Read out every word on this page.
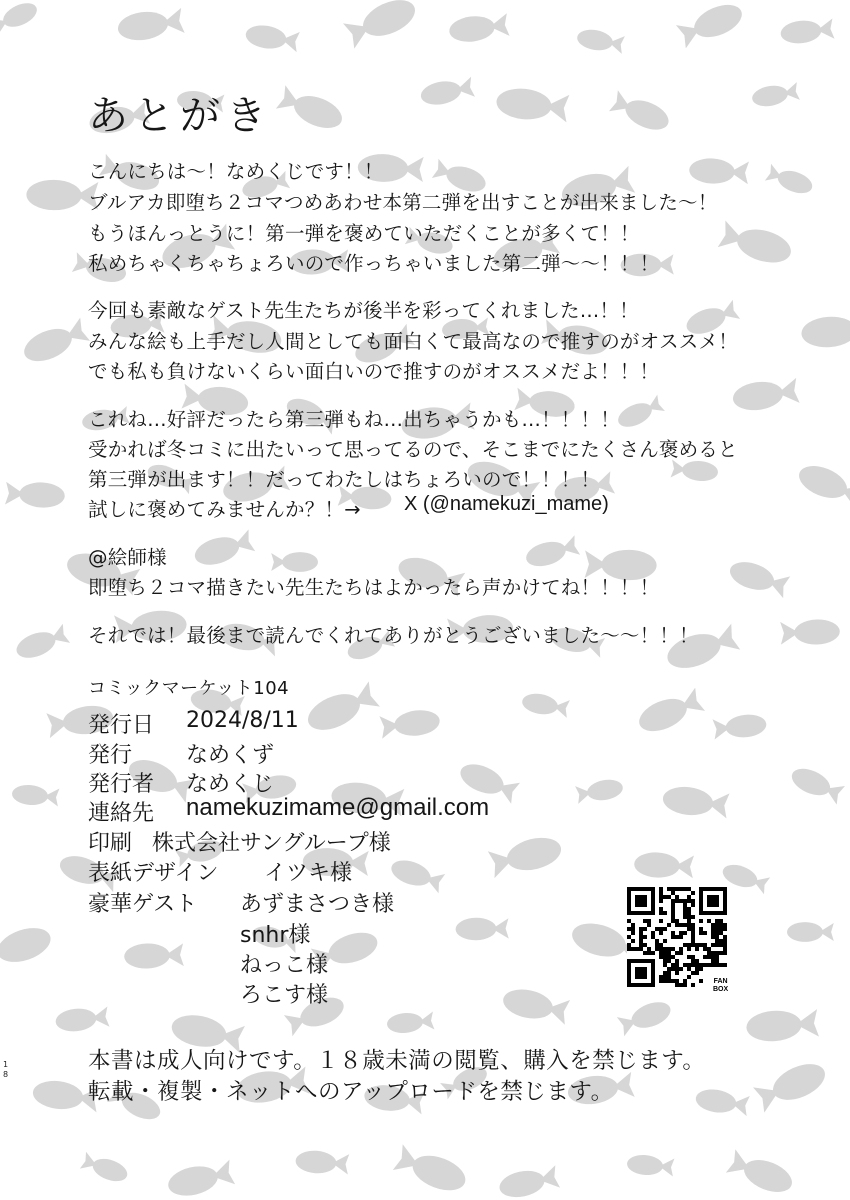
あとがき
こんにちは〜！なめくじです！！
ブルアカ即堕ち２コマつめあわせ本第二弾を出すことが出来ました〜！
もうほんっとうに！第一弾を褒めていただくことが多くて！！
私めちゃくちゃちょろいので作っちゃいました第二弾〜〜！！！
今回も素敵なゲスト先生たちが後半を彩ってくれました…！！
みんな絵も上手だし人間としても面白くて最高なので推すのがオススメ！
でも私も負けないくらい面白いので推すのがオススメだよ！！！
これね…好評だったら第三弾もね…出ちゃうかも…！！！！
受かれば冬コミに出たいって思ってるので、そこまでにたくさん褒めると
第三弾が出ます！！だってわたしはちょろいので！！！！
試しに褒めてみませんか？！→ X (@namekuzi_mame)
@絵師様
即堕ち２コマ描きたい先生たちはよかったら声かけてね！！！！
それでは！最後まで読んでくれてありがとうございました〜〜！！！
コミックマーケット104
発行日 2024/8/11
発行 なめくず
発行者 なめくじ
連絡先 namekuzimame@gmail.com
印刷 株式会社サングループ様
表紙デザイン イツキ様
豪華ゲスト あずまさつき様
snhr様
ねっこ様
ろこす様
FAN
BOX
本書は成人向けです。１８歳未満の閲覧、購入を禁じます。
転載・複製・ネットへのアップロードを禁じます。
1
8
